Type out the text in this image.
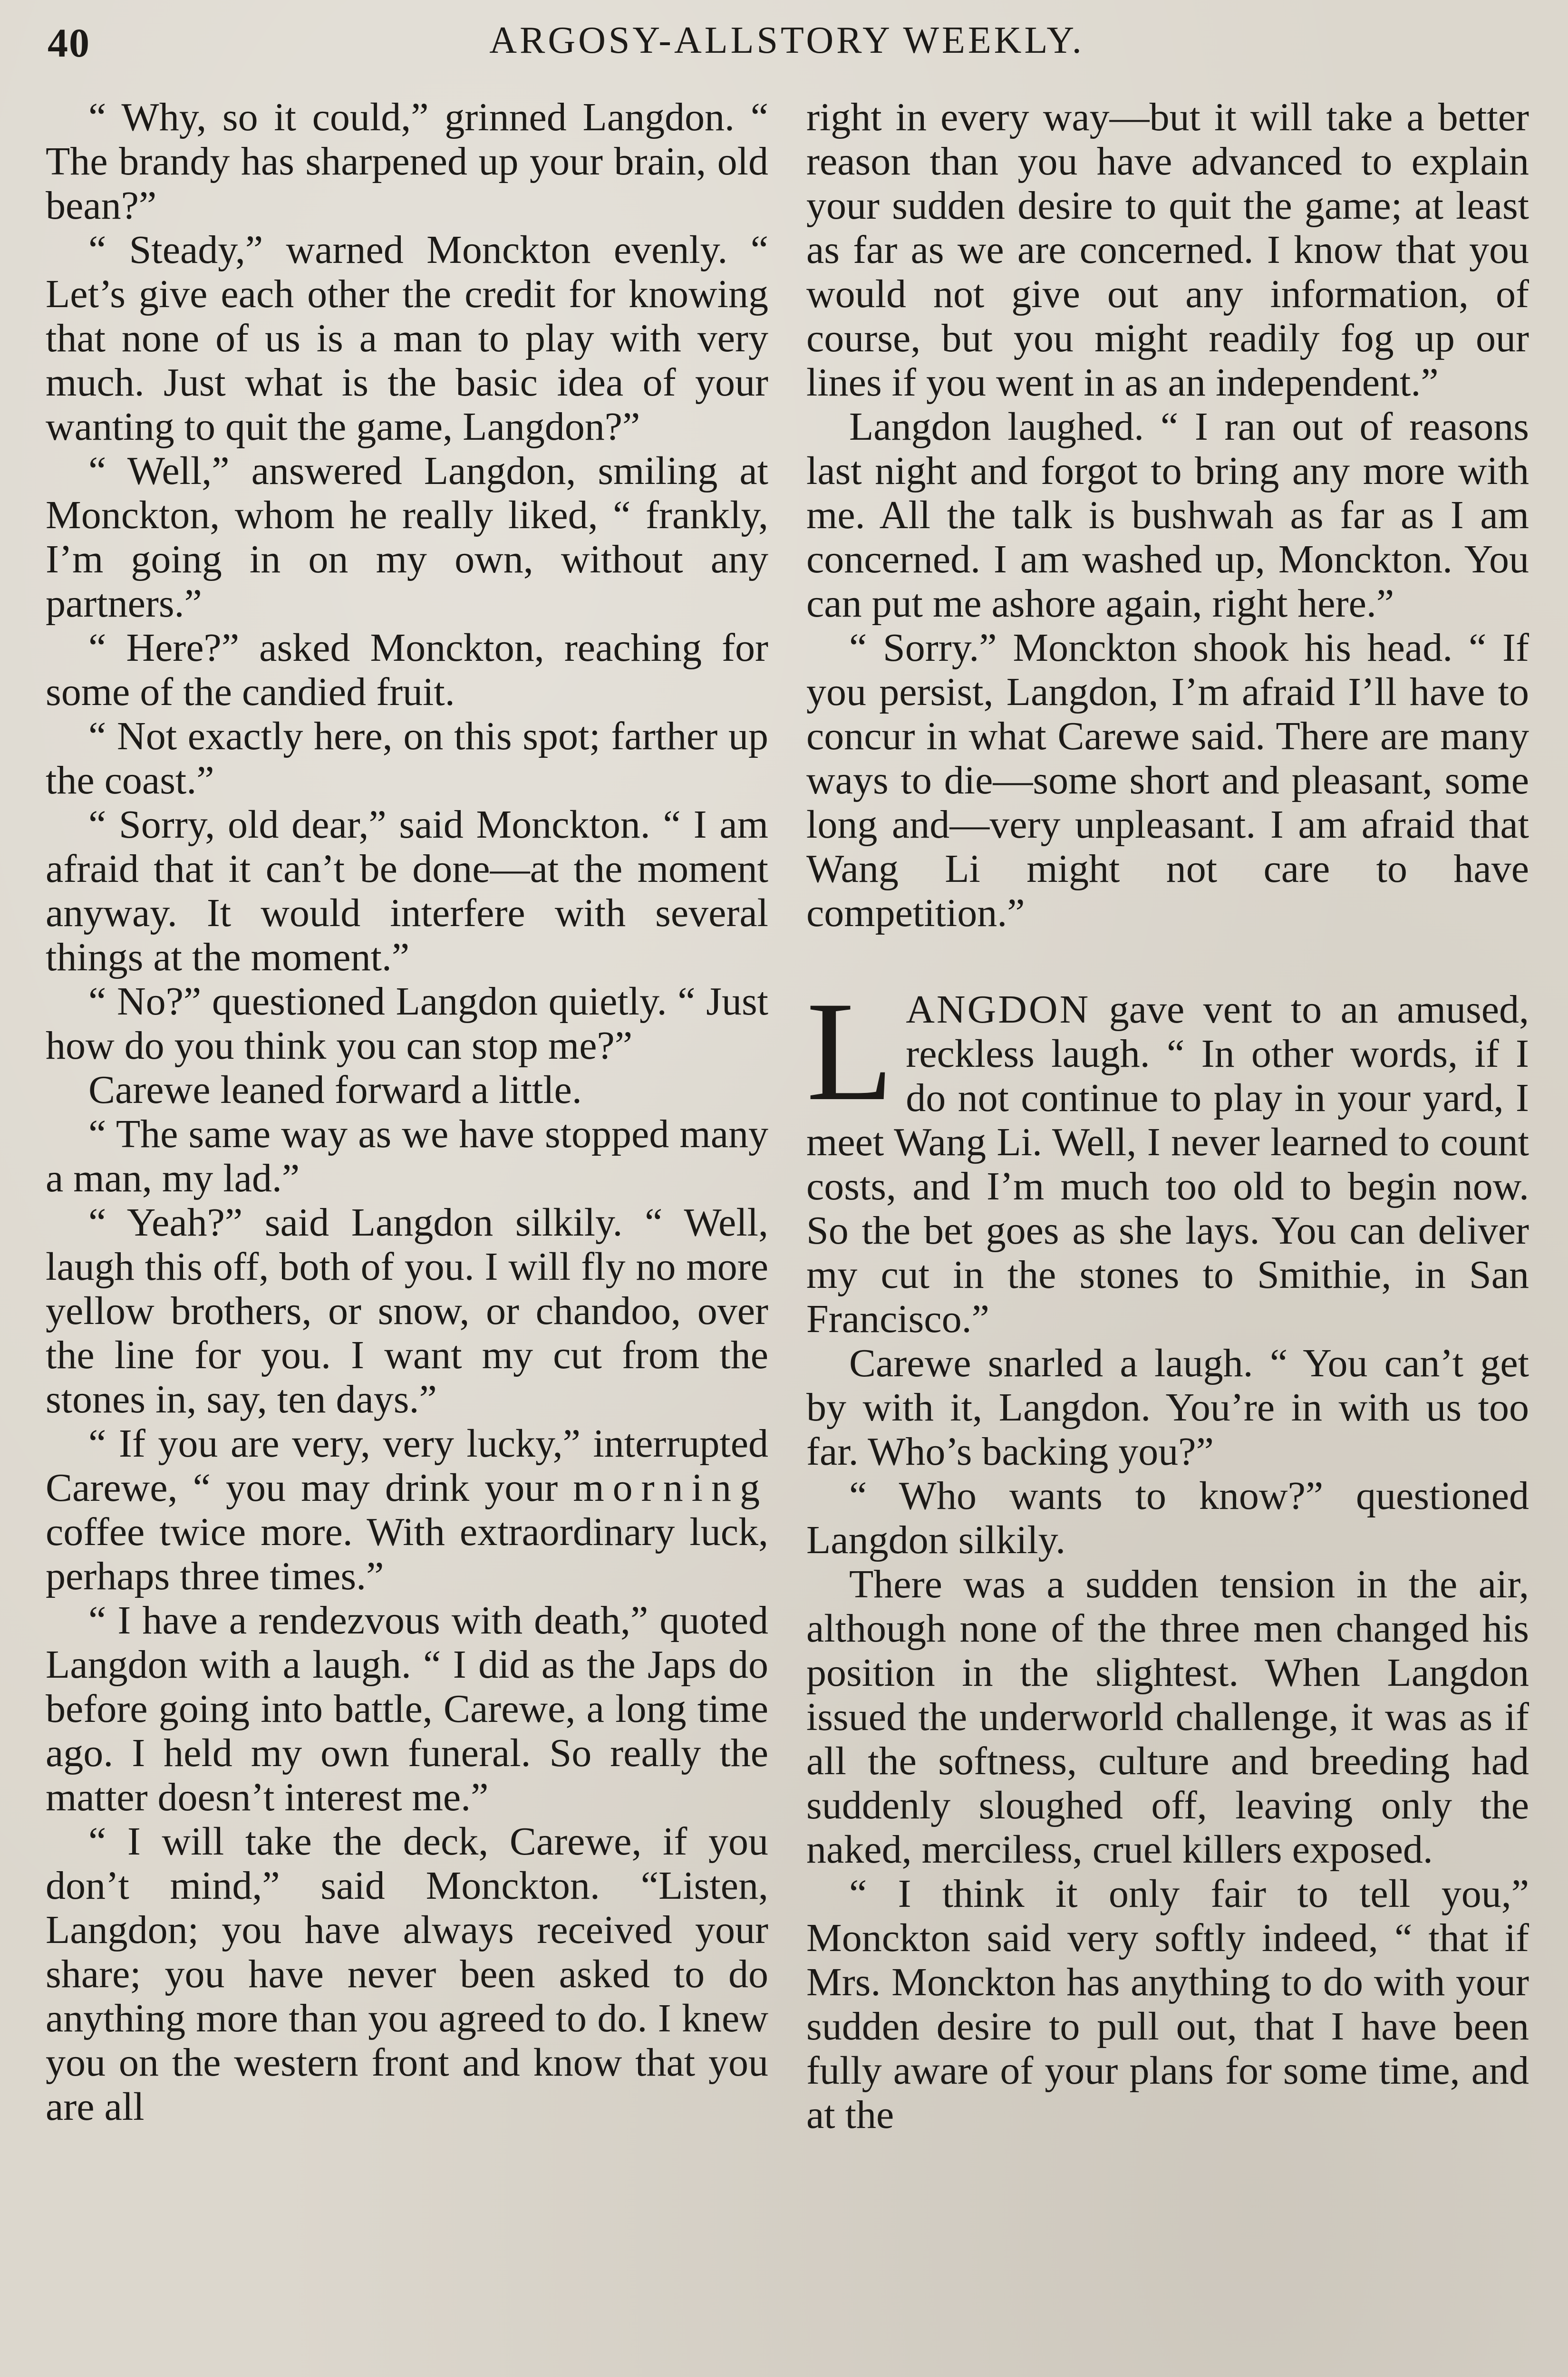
40	ARGOSY-ALLSTORY WEEKLY.

“ Why, so it could,” grinned Langdon. “ The brandy has sharpened up your brain, old bean?”

“ Steady,” warned Monckton evenly. “ Let’s give each other the credit for knowing that none of us is a man to play with very much. Just what is the basic idea of your wanting to quit the game, Langdon?”

“ Well,” answered Langdon, smiling at Monckton, whom he really liked, “ frankly, I’m going in on my own, without any partners.”

“ Here?” asked Monckton, reaching for some of the candied fruit.

“ Not exactly here, on this spot; farther up the coast.”

“ Sorry, old dear,” said Monckton. “ I am afraid that it can’t be done—at the moment anyway. It would interfere with several things at the moment.”

“ No?” questioned Langdon quietly. “ Just how do you think you can stop me?”

Carewe leaned forward a little.

“ The same way as we have stopped many a man, my lad.”

“ Yeah?” said Langdon silkily. “ Well, laugh this off, both of you. I will fly no more yellow brothers, or snow, or chandoo, over the line for you. I want my cut from the stones in, say, ten days.”

“ If you are very, very lucky,” interrupted Carewe, “ you may drink your morning coffee twice more. With extraordinary luck, perhaps three times.”

“ I have a rendezvous with death,” quoted Langdon with a laugh. “ I did as the Japs do before going into battle, Carewe, a long time ago. I held my own funeral. So really the matter doesn’t interest me.”

“ I will take the deck, Carewe, if you don’t mind,” said Monckton. “Listen, Langdon; you have always received your share; you have never been asked to do anything more than you agreed to do. I knew you on the western front and know that you are all

right in every way—but it will take a better reason than you have advanced to explain your sudden desire to quit the game; at least as far as we are concerned. I know that you would not give out any information, of course, but you might readily fog up our lines if you went in as an independent.”

Langdon laughed. “ I ran out of reasons last night and forgot to bring any more with me. All the talk is bushwah as far as I am concerned. I am washed up, Monckton. You can put me ashore again, right here.”

“ Sorry.” Monckton shook his head. “ If you persist, Langdon, I’m afraid I’ll have to concur in what Carewe said. There are many ways to die—some short and pleasant, some long and—very unpleasant. I am afraid that Wang Li might not care to have competition.”

LANGDON gave vent to an amused, reckless laugh. “ In other words, if I do not continue to play in your yard, I meet Wang Li. Well, I never learned to count costs, and I’m much too old to begin now. So the bet goes as she lays. You can deliver my cut in the stones to Smithie, in San Francisco.”

Carewe snarled a laugh. “ You can’t get by with it, Langdon. You’re in with us too far. Who’s backing you?”

“ Who wants to know?” questioned Langdon silkily.

There was a sudden tension in the air, although none of the three men changed his position in the slightest. When Langdon issued the underworld challenge, it was as if all the softness, culture and breeding had suddenly sloughed off, leaving only the naked, merciless, cruel killers exposed.

“ I think it only fair to tell you,” Monckton said very softly indeed, “ that if Mrs. Monckton has anything to do with your sudden desire to pull out, that I have been fully aware of your plans for some time, and at the
